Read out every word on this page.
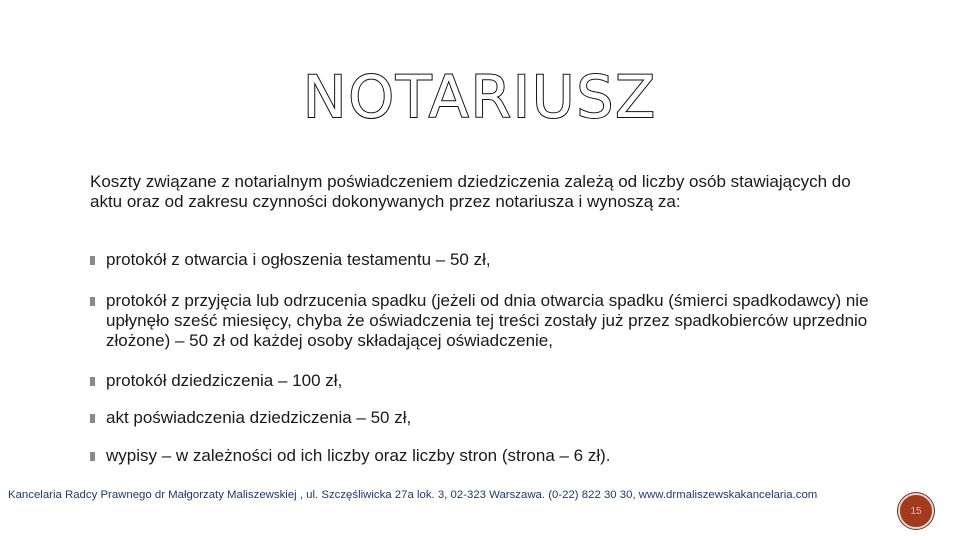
NOTARIUSZ
Koszty związane z notarialnym poświadczeniem dziedziczenia zależą od liczby osób stawiających do aktu oraz od zakresu czynności dokonywanych przez notariusza i wynoszą za:
protokół z otwarcia i ogłoszenia testamentu – 50 zł,
protokół z przyjęcia lub odrzucenia spadku (jeżeli od dnia otwarcia spadku (śmierci spadkodawcy) nie upłynęło sześć miesięcy, chyba że oświadczenia tej treści zostały już przez spadkobierców uprzednio złożone) – 50 zł od każdej osoby składającej oświadczenie,
protokół dziedziczenia – 100 zł,
akt poświadczenia dziedziczenia – 50 zł,
wypisy – w zależności od ich liczby oraz liczby stron (strona – 6 zł).
Kancelaria Radcy Prawnego dr Małgorzaty Maliszewskiej , ul. Szczęśliwicka 27a lok. 3, 02-323 Warszawa. (0-22) 822 30 30, www.drmaliszewskakancelaria.com
15
